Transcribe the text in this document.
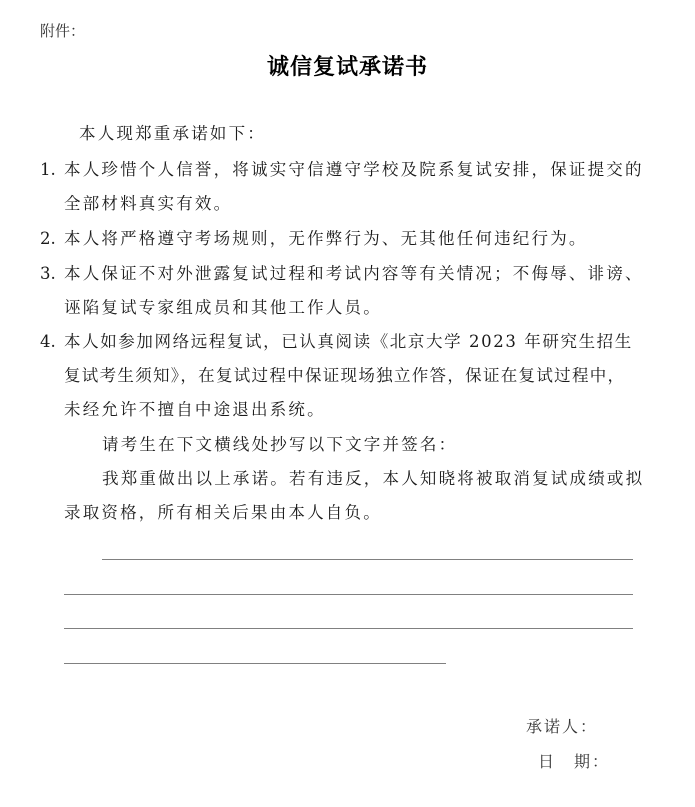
附件：
诚信复试承诺书
本人现郑重承诺如下：
1. 本人珍惜个人信誉，将诚实守信遵守学校及院系复试安排，保证提交的
全部材料真实有效。
2. 本人将严格遵守考场规则，无作弊行为、无其他任何违纪行为。
3. 本人保证不对外泄露复试过程和考试内容等有关情况；不侮辱、诽谤、
诬陷复试专家组成员和其他工作人员。
4. 本人如参加网络远程复试，已认真阅读《北京大学 2023 年研究生招生
复试考生须知》，在复试过程中保证现场独立作答，保证在复试过程中，
未经允许不擅自中途退出系统。
请考生在下文横线处抄写以下文字并签名：
我郑重做出以上承诺。若有违反，本人知晓将被取消复试成绩或拟
录取资格，所有相关后果由本人自负。
承诺人：
日　期：
